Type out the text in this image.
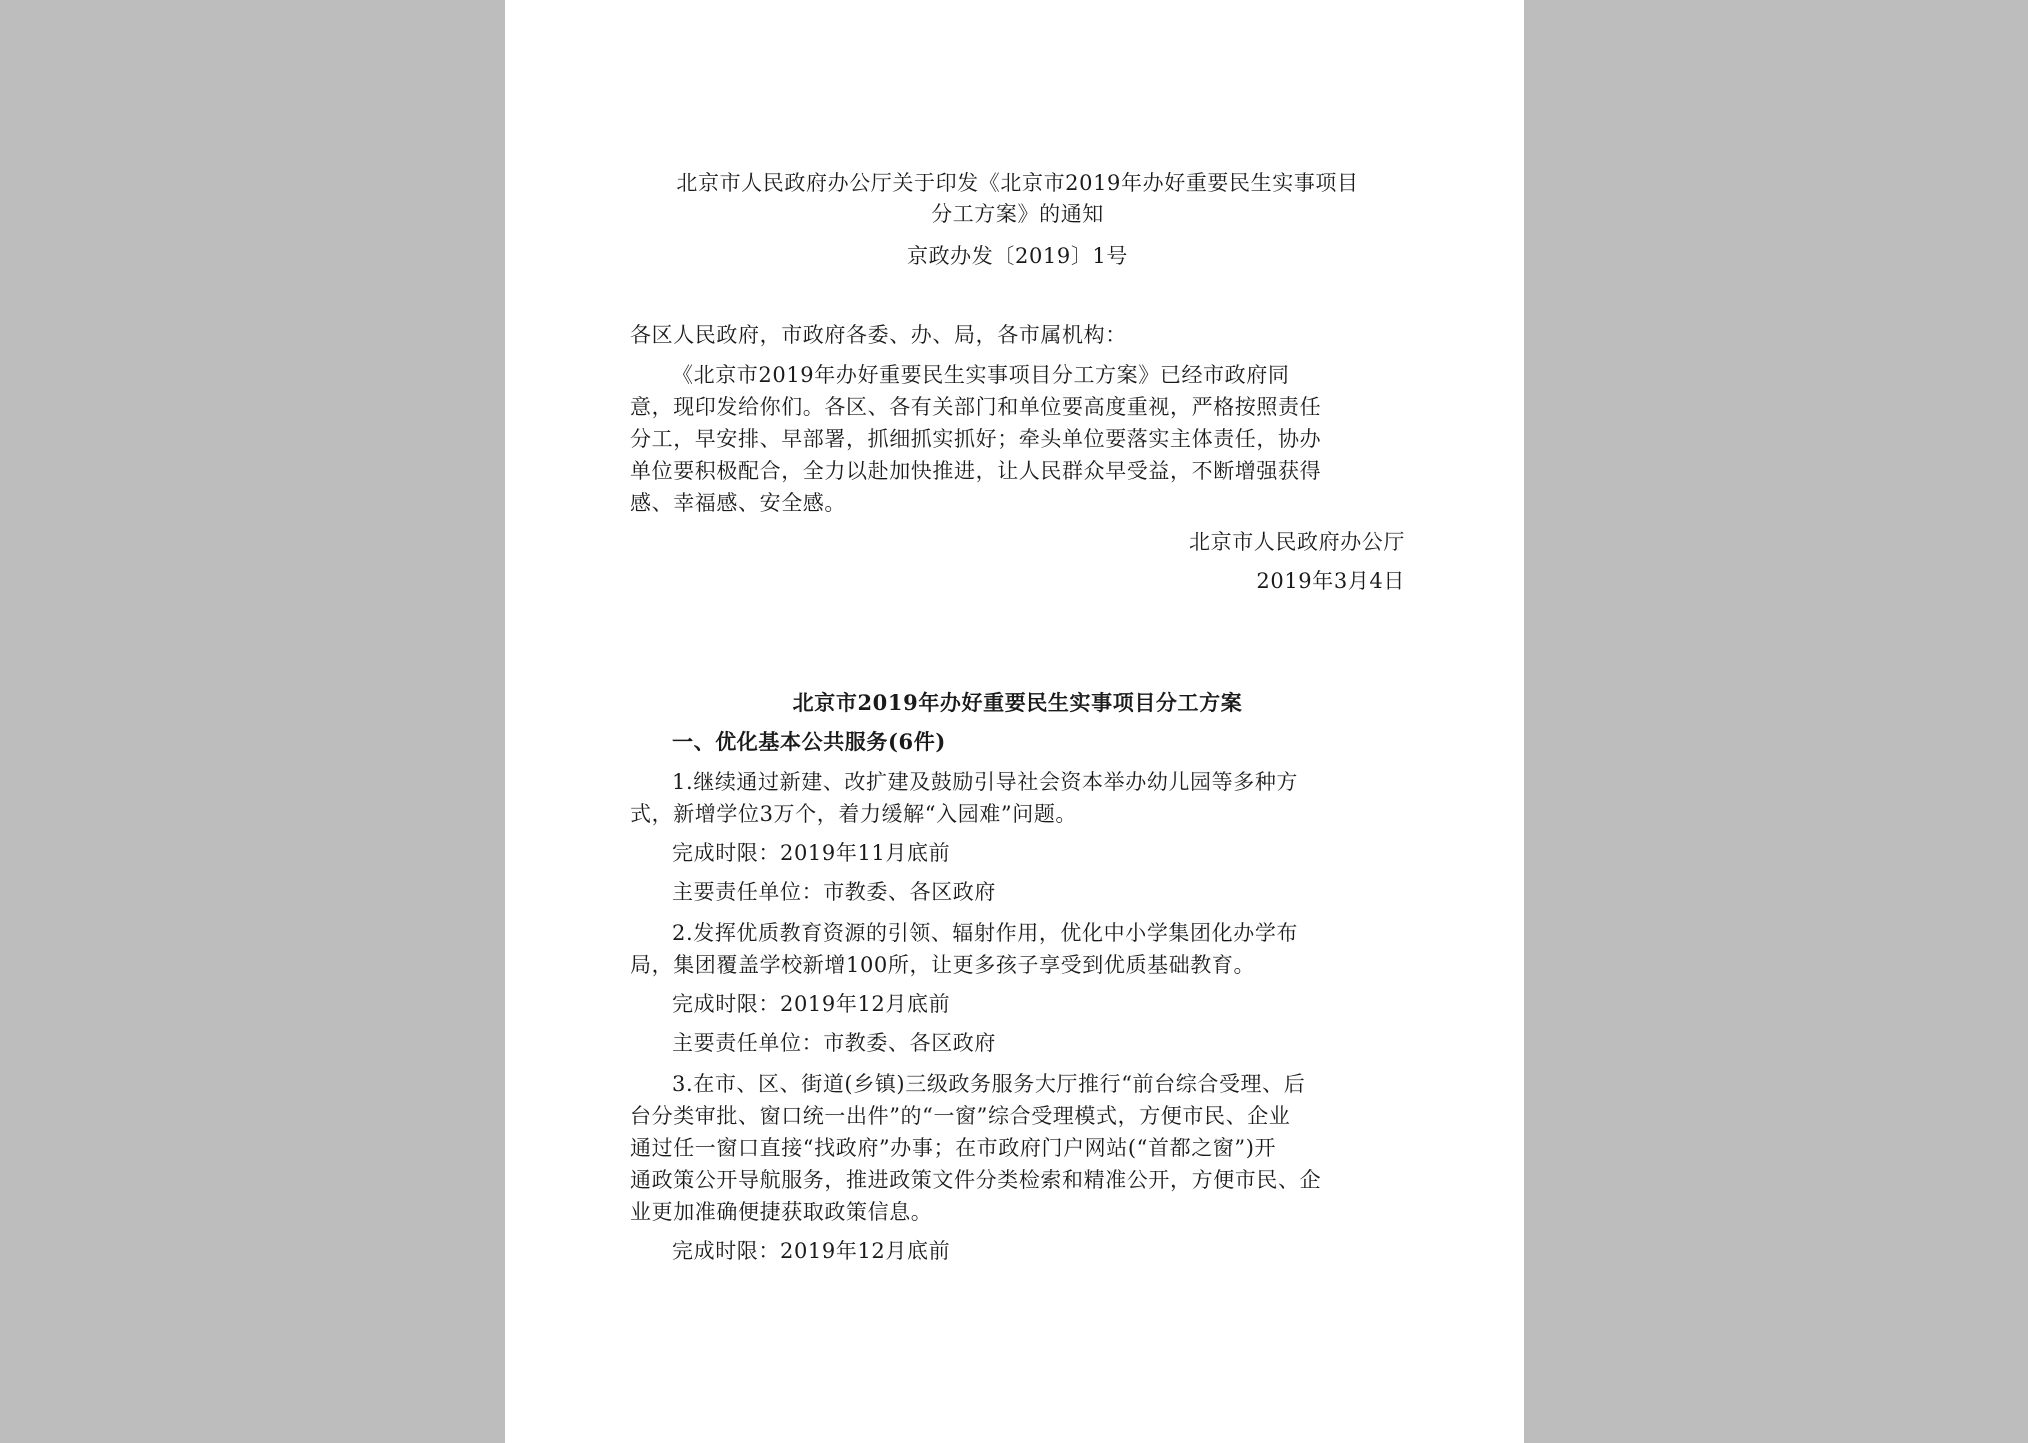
北京市人民政府办公厅关于印发《北京市2019年办好重要民生实事项目
分工方案》的通知
京政办发〔2019〕1号
各区人民政府，市政府各委、办、局，各市属机构：
《北京市2019年办好重要民生实事项目分工方案》已经市政府同
意，现印发给你们。各区、各有关部门和单位要高度重视，严格按照责任
分工，早安排、早部署，抓细抓实抓好；牵头单位要落实主体责任，协办
单位要积极配合，全力以赴加快推进，让人民群众早受益，不断增强获得
感、幸福感、安全感。
北京市人民政府办公厅
2019年3月4日
北京市2019年办好重要民生实事项目分工方案
一、优化基本公共服务(6件)
1.继续通过新建、改扩建及鼓励引导社会资本举办幼儿园等多种方
式，新增学位3万个，着力缓解“入园难”问题。
完成时限：2019年11月底前
主要责任单位：市教委、各区政府
2.发挥优质教育资源的引领、辐射作用，优化中小学集团化办学布
局，集团覆盖学校新增100所，让更多孩子享受到优质基础教育。
完成时限：2019年12月底前
主要责任单位：市教委、各区政府
3.在市、区、街道(乡镇)三级政务服务大厅推行“前台综合受理、后
台分类审批、窗口统一出件”的“一窗”综合受理模式，方便市民、企业
通过任一窗口直接“找政府”办事；在市政府门户网站(“首都之窗”)开
通政策公开导航服务，推进政策文件分类检索和精准公开，方便市民、企
业更加准确便捷获取政策信息。
完成时限：2019年12月底前
